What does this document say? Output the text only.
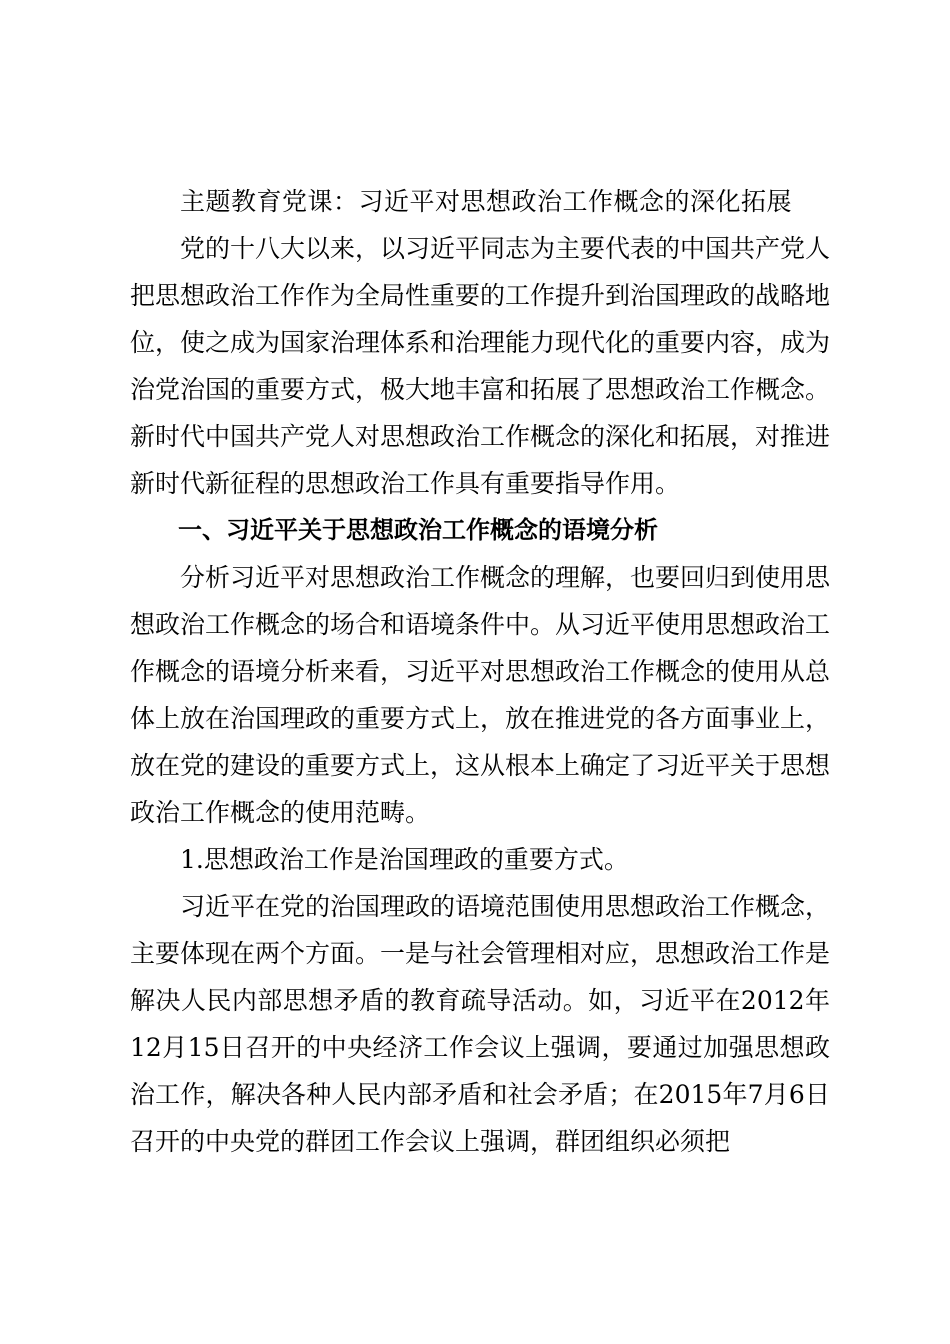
主题教育党课：习近平对思想政治工作概念的深化拓展

党的十八大以来，以习近平同志为主要代表的中国共产党人把思想政治工作作为全局性重要的工作提升到治国理政的战略地位，使之成为国家治理体系和治理能力现代化的重要内容，成为治党治国的重要方式，极大地丰富和拓展了思想政治工作概念。新时代中国共产党人对思想政治工作概念的深化和拓展，对推进新时代新征程的思想政治工作具有重要指导作用。

一、习近平关于思想政治工作概念的语境分析

分析习近平对思想政治工作概念的理解，也要回归到使用思想政治工作概念的场合和语境条件中。从习近平使用思想政治工作概念的语境分析来看，习近平对思想政治工作概念的使用从总体上放在治国理政的重要方式上，放在推进党的各方面事业上，放在党的建设的重要方式上，这从根本上确定了习近平关于思想政治工作概念的使用范畴。

1.思想政治工作是治国理政的重要方式。

习近平在党的治国理政的语境范围使用思想政治工作概念，主要体现在两个方面。一是与社会管理相对应，思想政治工作是解决人民内部思想矛盾的教育疏导活动。如，习近平在2012年12月15日召开的中央经济工作会议上强调，要通过加强思想政治工作，解决各种人民内部矛盾和社会矛盾；在2015年7月6日召开的中央党的群团工作会议上强调，群团组织必须把
